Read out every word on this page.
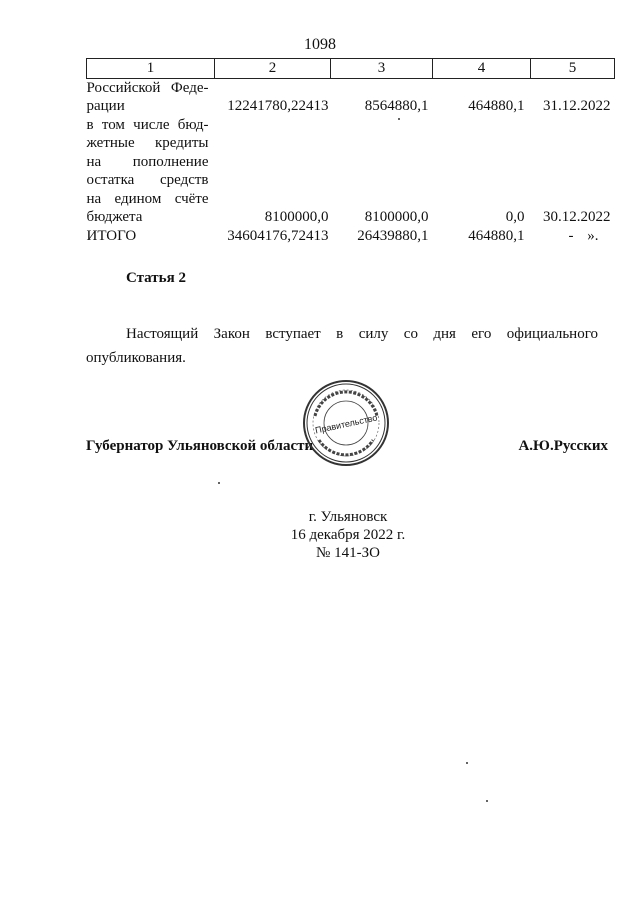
1098
1	2	3	4	5
Российской Феде-	12241780,22413	8564880,1	464880,1	31.12.2022
рации				
в том числе бюд-	8100000,0	8100000,0	0,0	30.12.2022
жетные кредиты				
на пополнение				
остатка средств				
на едином счёте				
бюджета				
ИТОГО	34604176,72413	26439880,1	464880,1	- ».
Статья 2
Настоящий Закон вступает в силу со дня его официального опубликования.
Губернатор Ульяновской области	А.Ю.Русских
Правительство
г. Ульяновск
16 декабря 2022 г.
№ 141-ЗО
